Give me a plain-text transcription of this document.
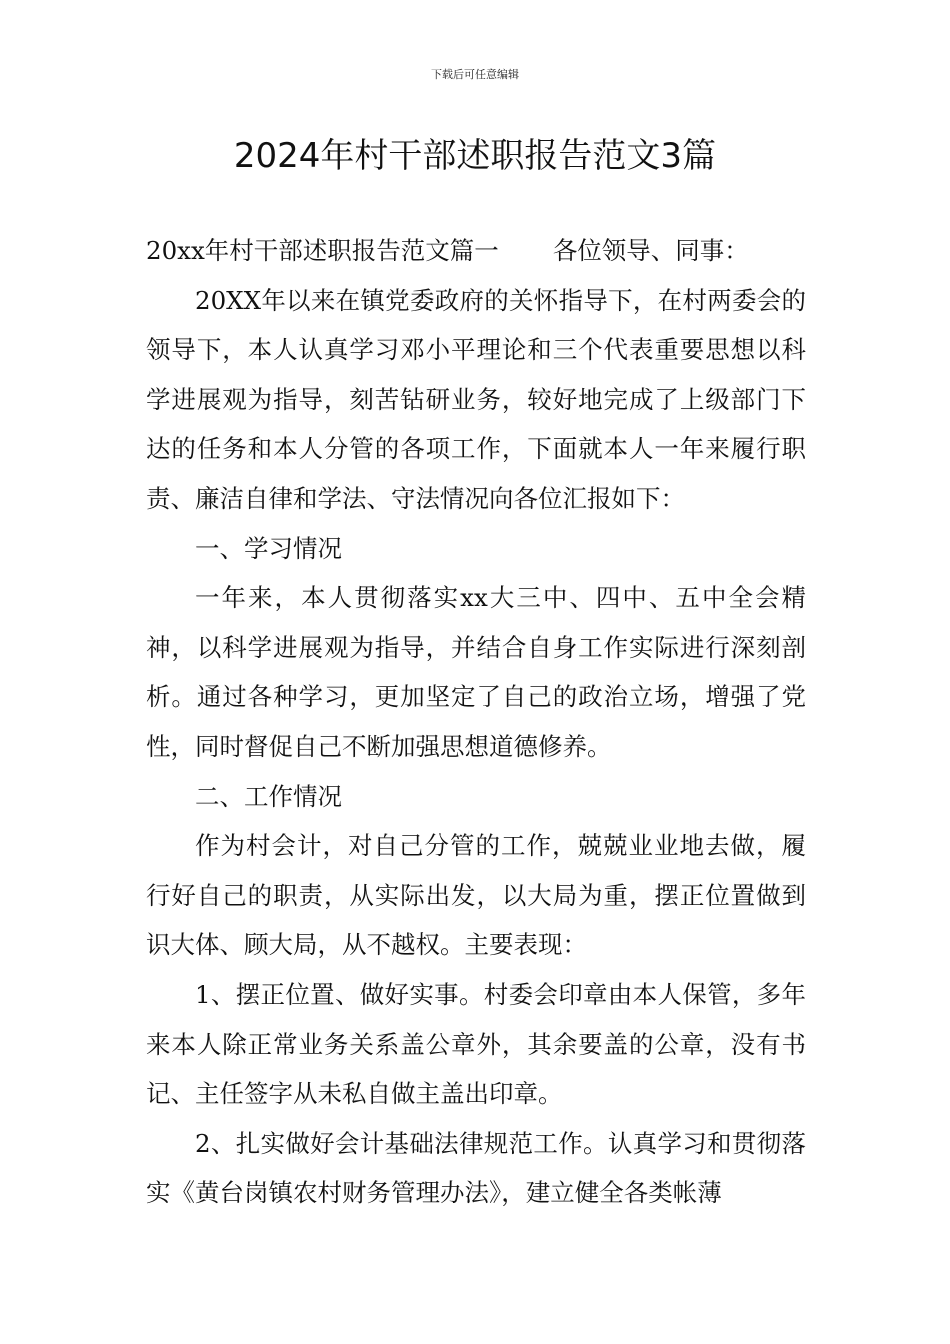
下载后可任意编辑
2024年村干部述职报告范文3篇

20xx年村干部述职报告范文篇一 各位领导、同事：

20XX年以来在镇党委政府的关怀指导下，在村两委会的领导下，本人认真学习邓小平理论和三个代表重要思想以科学进展观为指导，刻苦钻研业务，较好地完成了上级部门下达的任务和本人分管的各项工作，下面就本人一年来履行职责、廉洁自律和学法、守法情况向各位汇报如下：

一、学习情况

一年来，本人贯彻落实xx大三中、四中、五中全会精神，以科学进展观为指导，并结合自身工作实际进行深刻剖析。通过各种学习，更加坚定了自己的政治立场，增强了党性，同时督促自己不断加强思想道德修养。

二、工作情况

作为村会计，对自己分管的工作，兢兢业业地去做，履行好自己的职责，从实际出发，以大局为重，摆正位置做到识大体、顾大局，从不越权。主要表现：

1、摆正位置、做好实事。村委会印章由本人保管，多年来本人除正常业务关系盖公章外，其余要盖的公章，没有书记、主任签字从未私自做主盖出印章。

2、扎实做好会计基础法律规范工作。认真学习和贯彻落实《黄台岗镇农村财务管理办法》，建立健全各类帐薄
